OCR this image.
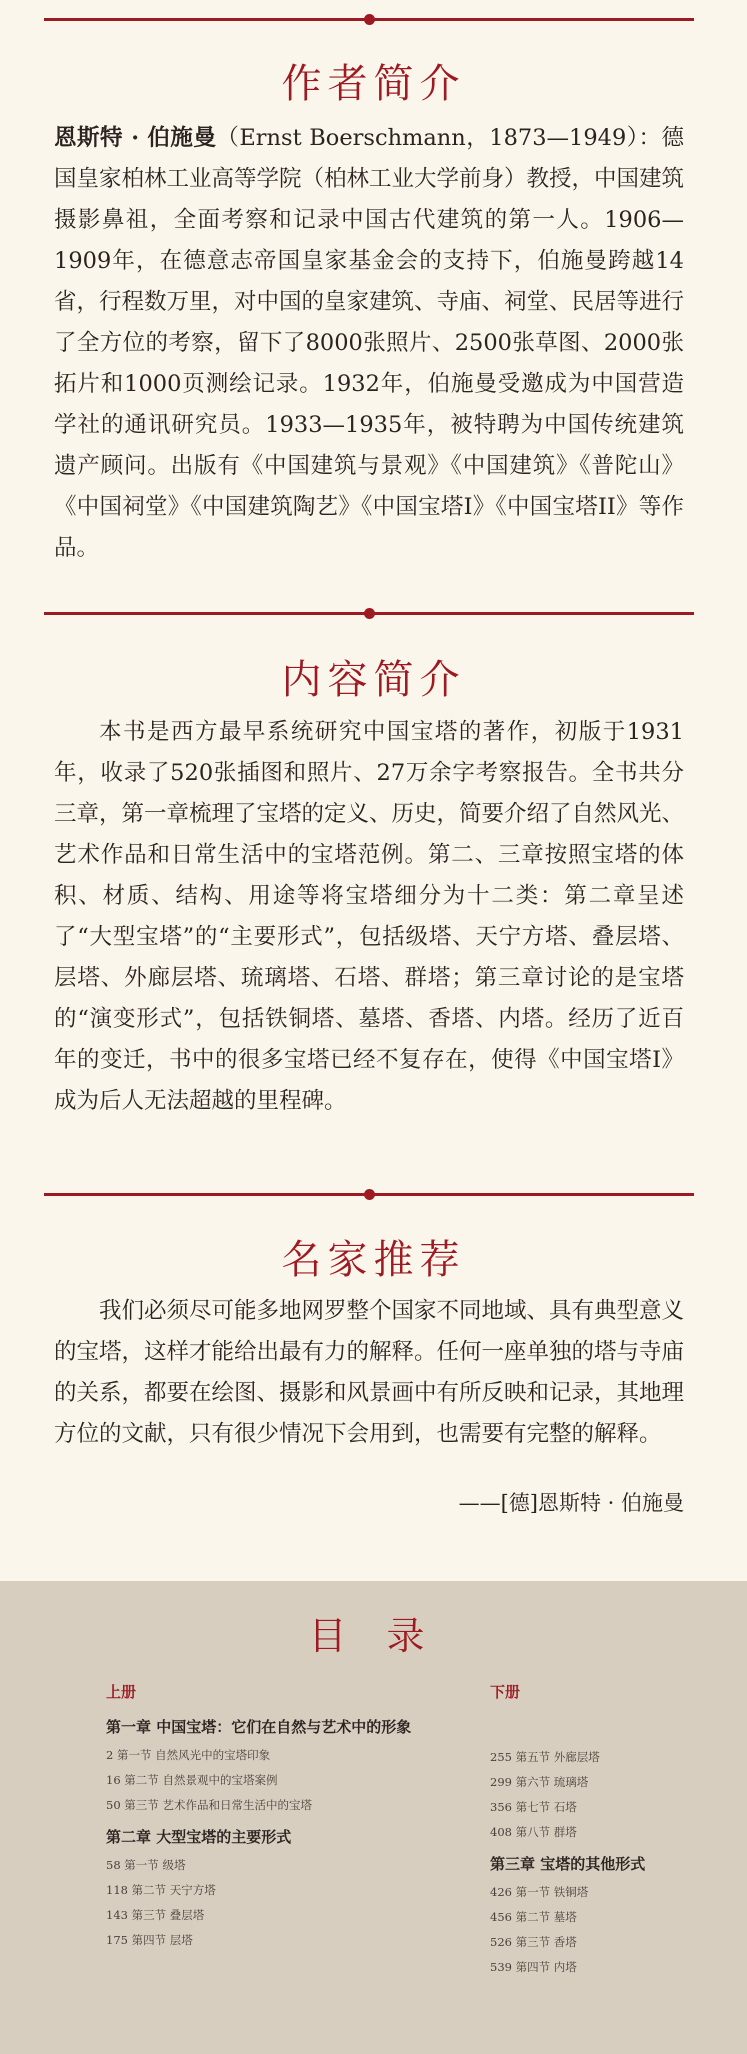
作者简介
恩斯特 · 伯施曼（Ernst Boerschmann，1873—1949）：德国皇家柏林工业高等学院（柏林工业大学前身）教授，中国建筑摄影鼻祖，全面考察和记录中国古代建筑的第一人。1906—1909年，在德意志帝国皇家基金会的支持下，伯施曼跨越14省，行程数万里，对中国的皇家建筑、寺庙、祠堂、民居等进行了全方位的考察，留下了8000张照片、2500张草图、2000张拓片和1000页测绘记录。1932年，伯施曼受邀成为中国营造学社的通讯研究员。1933—1935年，被特聘为中国传统建筑遗产顾问。出版有《中国建筑与景观》《中国建筑》《普陀山》《中国祠堂》《中国建筑陶艺》《中国宝塔I》《中国宝塔II》等作品。
内容简介
本书是西方最早系统研究中国宝塔的著作，初版于1931年，收录了520张插图和照片、27万余字考察报告。全书共分三章，第一章梳理了宝塔的定义、历史，简要介绍了自然风光、艺术作品和日常生活中的宝塔范例。第二、三章按照宝塔的体积、材质、结构、用途等将宝塔细分为十二类：第二章呈述了“大型宝塔”的“主要形式”，包括级塔、天宁方塔、叠层塔、层塔、外廊层塔、琉璃塔、石塔、群塔；第三章讨论的是宝塔的“演变形式”，包括铁铜塔、墓塔、香塔、内塔。经历了近百年的变迁，书中的很多宝塔已经不复存在，使得《中国宝塔Ⅰ》成为后人无法超越的里程碑。
名家推荐
我们必须尽可能多地网罗整个国家不同地域、具有典型意义的宝塔，这样才能给出最有力的解释。任何一座单独的塔与寺庙的关系，都要在绘图、摄影和风景画中有所反映和记录，其地理方位的文献，只有很少情况下会用到，也需要有完整的解释。
——[德]恩斯特 · 伯施曼
目 录
上册
第一章 中国宝塔：它们在自然与艺术中的形象
2 第一节 自然风光中的宝塔印象
16 第二节 自然景观中的宝塔案例
50 第三节 艺术作品和日常生活中的宝塔
第二章 大型宝塔的主要形式
58 第一节 级塔
118 第二节 天宁方塔
143 第三节 叠层塔
175 第四节 层塔
下册
255 第五节 外廊层塔
299 第六节 琉璃塔
356 第七节 石塔
408 第八节 群塔
第三章 宝塔的其他形式
426 第一节 铁铜塔
456 第二节 墓塔
526 第三节 香塔
539 第四节 内塔
